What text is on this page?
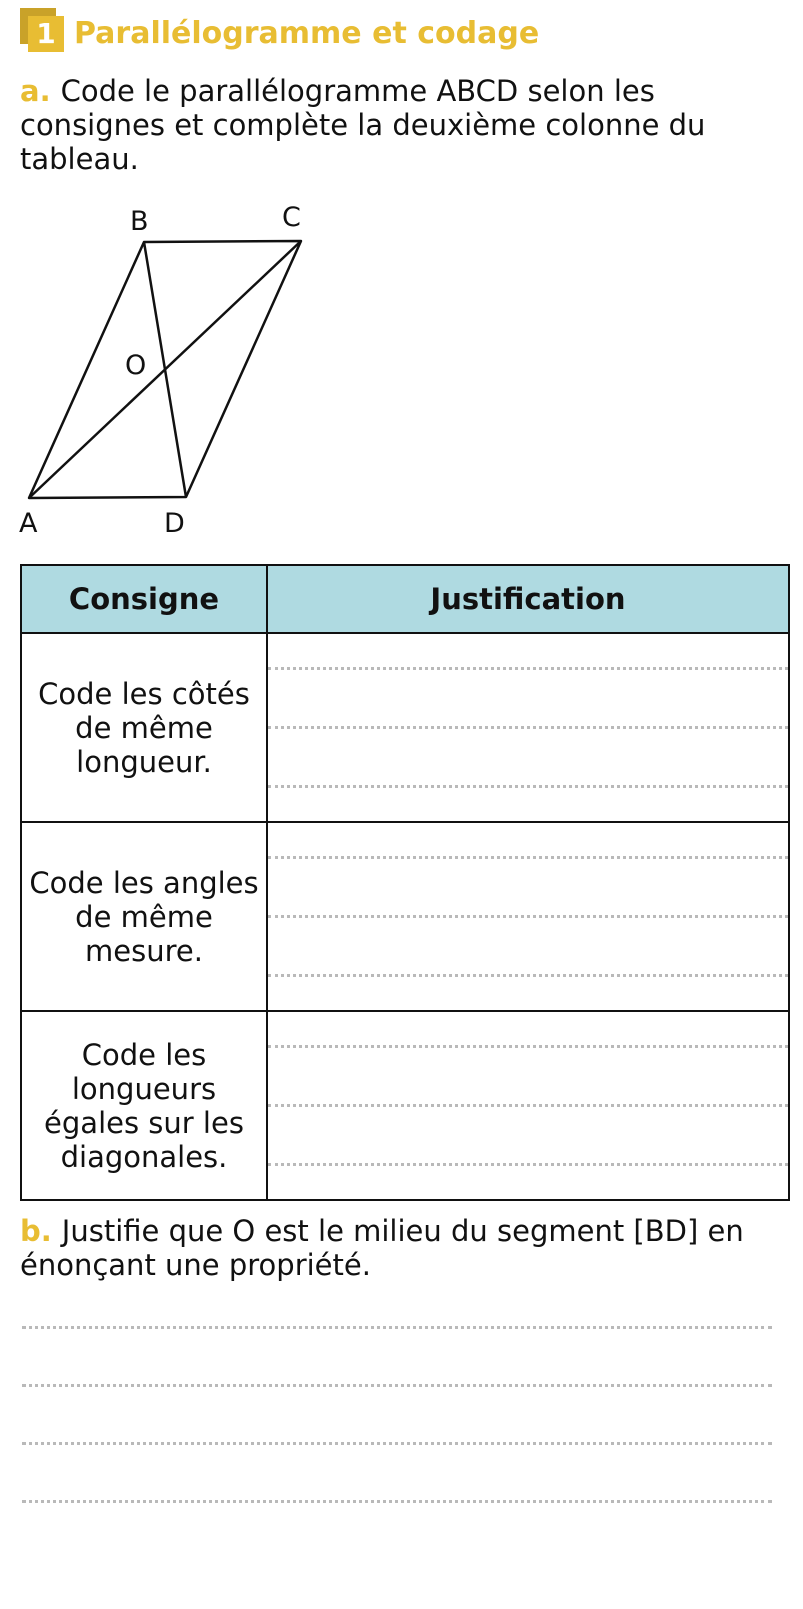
1 Parallélogramme et codage
a. Code le parallélogramme ABCD selon les consignes et complète la deuxième colonne du tableau.
B	C
O
A	D
Consigne	Justification
Code les côtés de même longueur.	

Code les angles de même mesure.	

Code les longueurs égales sur les diagonales.	
b. Justifie que O est le milieu du segment [BD] en énonçant une propriété.
